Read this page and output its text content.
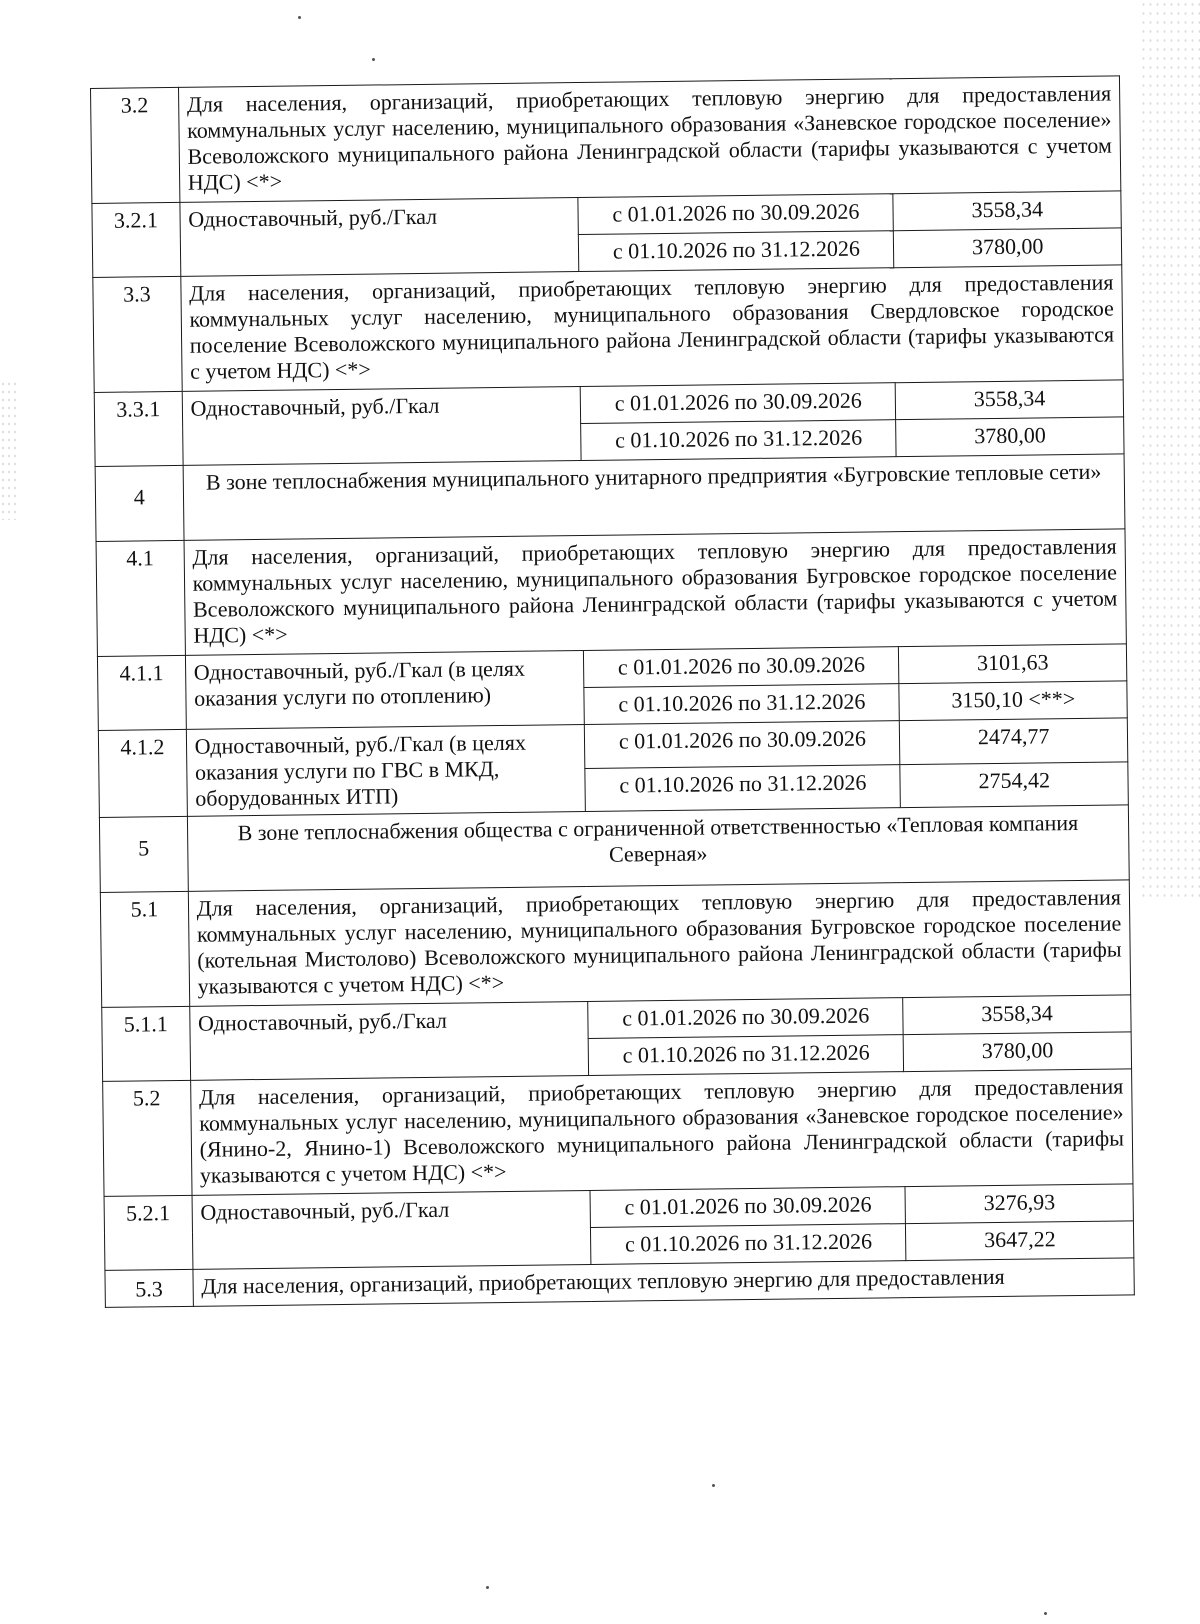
3.2	Для населения, организаций, приобретающих тепловую энергию для предоставления коммунальных услуг населению, муниципального образования «Заневское городское поселение» Всеволожского муниципального района Ленинградской области (тарифы указываются с учетом НДС) <*>		
3.2.1	Одноставочный, руб./Гкал	с 01.01.2026 по 30.09.2026	3558,34
		с 01.10.2026 по 31.12.2026	3780,00
3.3	Для населения, организаций, приобретающих тепловую энергию для предоставления коммунальных услуг населению, муниципального образования Свердловское городское поселение Всеволожского муниципального района Ленинградской области (тарифы указываются с учетом НДС) <*>		
3.3.1	Одноставочный, руб./Гкал	с 01.01.2026 по 30.09.2026	3558,34
		с 01.10.2026 по 31.12.2026	3780,00
4	В зоне теплоснабжения муниципального унитарного предприятия «Бугровские тепловые сети»		
4.1	Для населения, организаций, приобретающих тепловую энергию для предоставления коммунальных услуг населению, муниципального образования Бугровское городское поселение Всеволожского муниципального района Ленинградской области (тарифы указываются с учетом НДС) <*>		
4.1.1	Одноставочный, руб./Гкал (в целях оказания услуги по отоплению)	с 01.01.2026 по 30.09.2026	3101,63
		с 01.10.2026 по 31.12.2026	3150,10 <**>
4.1.2	Одноставочный, руб./Гкал (в целях оказания услуги по ГВС в МКД, оборудованных ИТП)	с 01.01.2026 по 30.09.2026	2474,77
		с 01.10.2026 по 31.12.2026	2754,42
5	В зоне теплоснабжения общества с ограниченной ответственностью «Тепловая компания Северная»		
5.1	Для населения, организаций, приобретающих тепловую энергию для предоставления коммунальных услуг населению, муниципального образования Бугровское городское поселение (котельная Мистолово) Всеволожского муниципального района Ленинградской области (тарифы указываются с учетом НДС) <*>		
5.1.1	Одноставочный, руб./Гкал	с 01.01.2026 по 30.09.2026	3558,34
		с 01.10.2026 по 31.12.2026	3780,00
5.2	Для населения, организаций, приобретающих тепловую энергию для предоставления коммунальных услуг населению, муниципального образования «Заневское городское поселение» (Янино-2, Янино-1) Всеволожского муниципального района Ленинградской области (тарифы указываются с учетом НДС) <*>		
5.2.1	Одноставочный, руб./Гкал	с 01.01.2026 по 30.09.2026	3276,93
		с 01.10.2026 по 31.12.2026	3647,22
5.3	Для населения, организаций, приобретающих тепловую энергию для предоставления		
